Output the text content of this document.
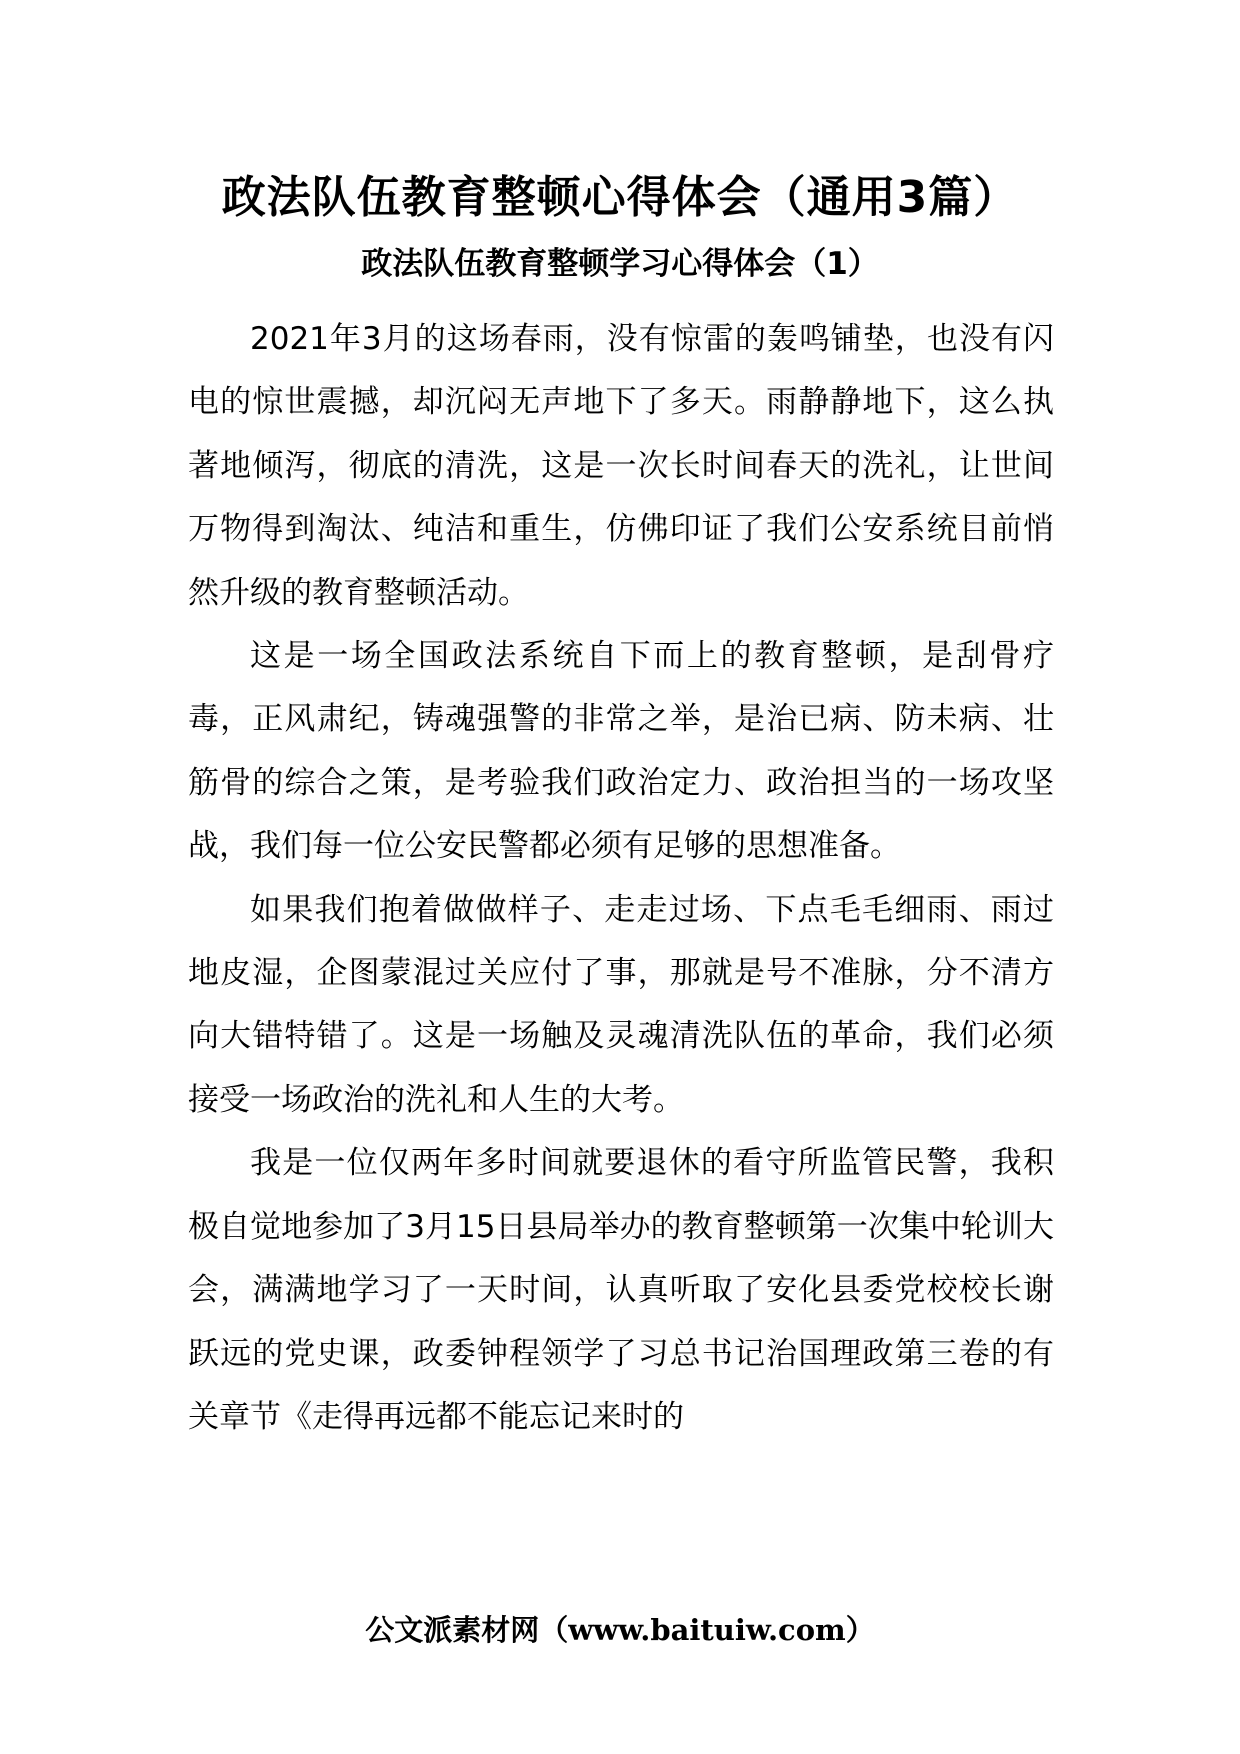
政法队伍教育整顿心得体会（通用3篇）
政法队伍教育整顿学习心得体会（1）

2021年3月的这场春雨，没有惊雷的轰鸣铺垫，也没有闪电的惊世震撼，却沉闷无声地下了多天。雨静静地下，这么执著地倾泻，彻底的清洗，这是一次长时间春天的洗礼，让世间万物得到淘汰、纯洁和重生，仿佛印证了我们公安系统目前悄然升级的教育整顿活动。

这是一场全国政法系统自下而上的教育整顿，是刮骨疗毒，正风肃纪，铸魂强警的非常之举，是治已病、防未病、壮筋骨的综合之策，是考验我们政治定力、政治担当的一场攻坚战，我们每一位公安民警都必须有足够的思想准备。

如果我们抱着做做样子、走走过场、下点毛毛细雨、雨过地皮湿，企图蒙混过关应付了事，那就是号不准脉，分不清方向大错特错了。这是一场触及灵魂清洗队伍的革命，我们必须接受一场政治的洗礼和人生的大考。

我是一位仅两年多时间就要退休的看守所监管民警，我积极自觉地参加了3月15日县局举办的教育整顿第一次集中轮训大会，满满地学习了一天时间，认真听取了安化县委党校校长谢跃远的党史课，政委钟程领学了习总书记治国理政第三卷的有关章节《走得再远都不能忘记来时的

公文派素材网（www.baituiw.com）
